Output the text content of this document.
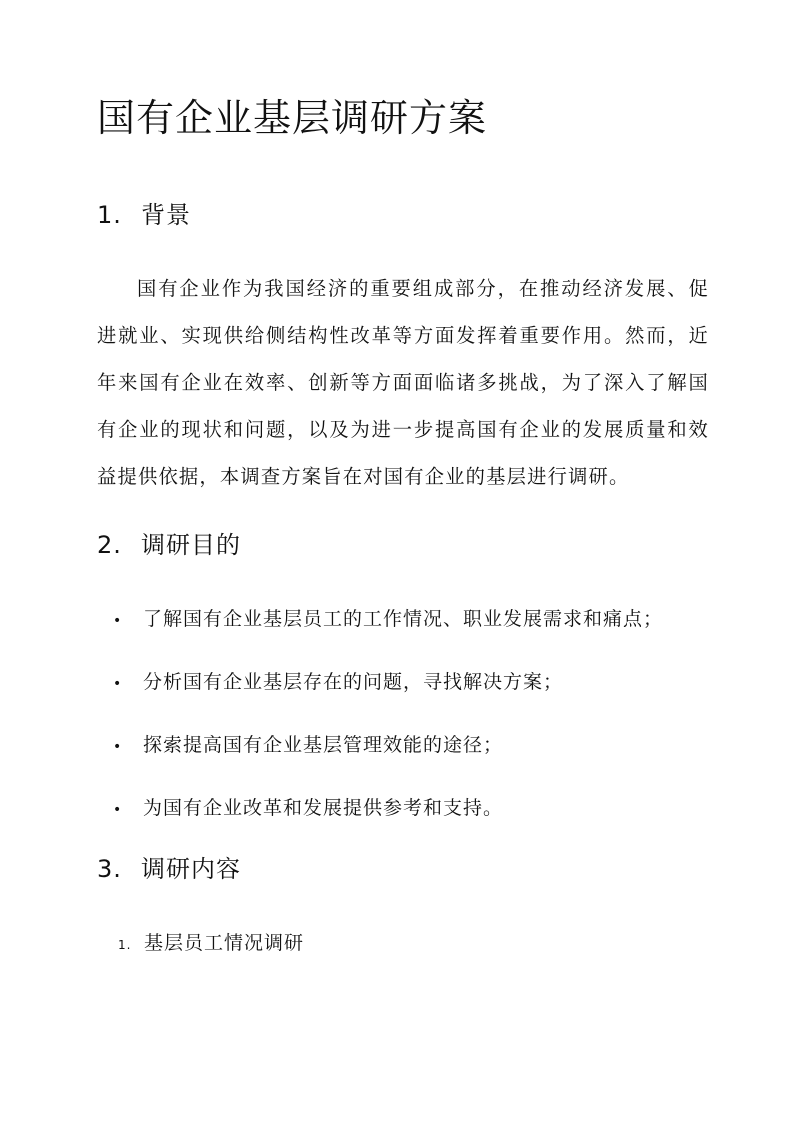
国有企业基层调研方案
1. 背景

国有企业作为我国经济的重要组成部分，在推动经济发展、促进就业、实现供给侧结构性改革等方面发挥着重要作用。然而，近年来国有企业在效率、创新等方面面临诸多挑战，为了深入了解国有企业的现状和问题，以及为进一步提高国有企业的发展质量和效益提供依据，本调查方案旨在对国有企业的基层进行调研。

2. 调研目的
• 了解国有企业基层员工的工作情况、职业发展需求和痛点；
• 分析国有企业基层存在的问题，寻找解决方案；
• 探索提高国有企业基层管理效能的途径；
• 为国有企业改革和发展提供参考和支持。
3. 调研内容
1. 基层员工情况调研
